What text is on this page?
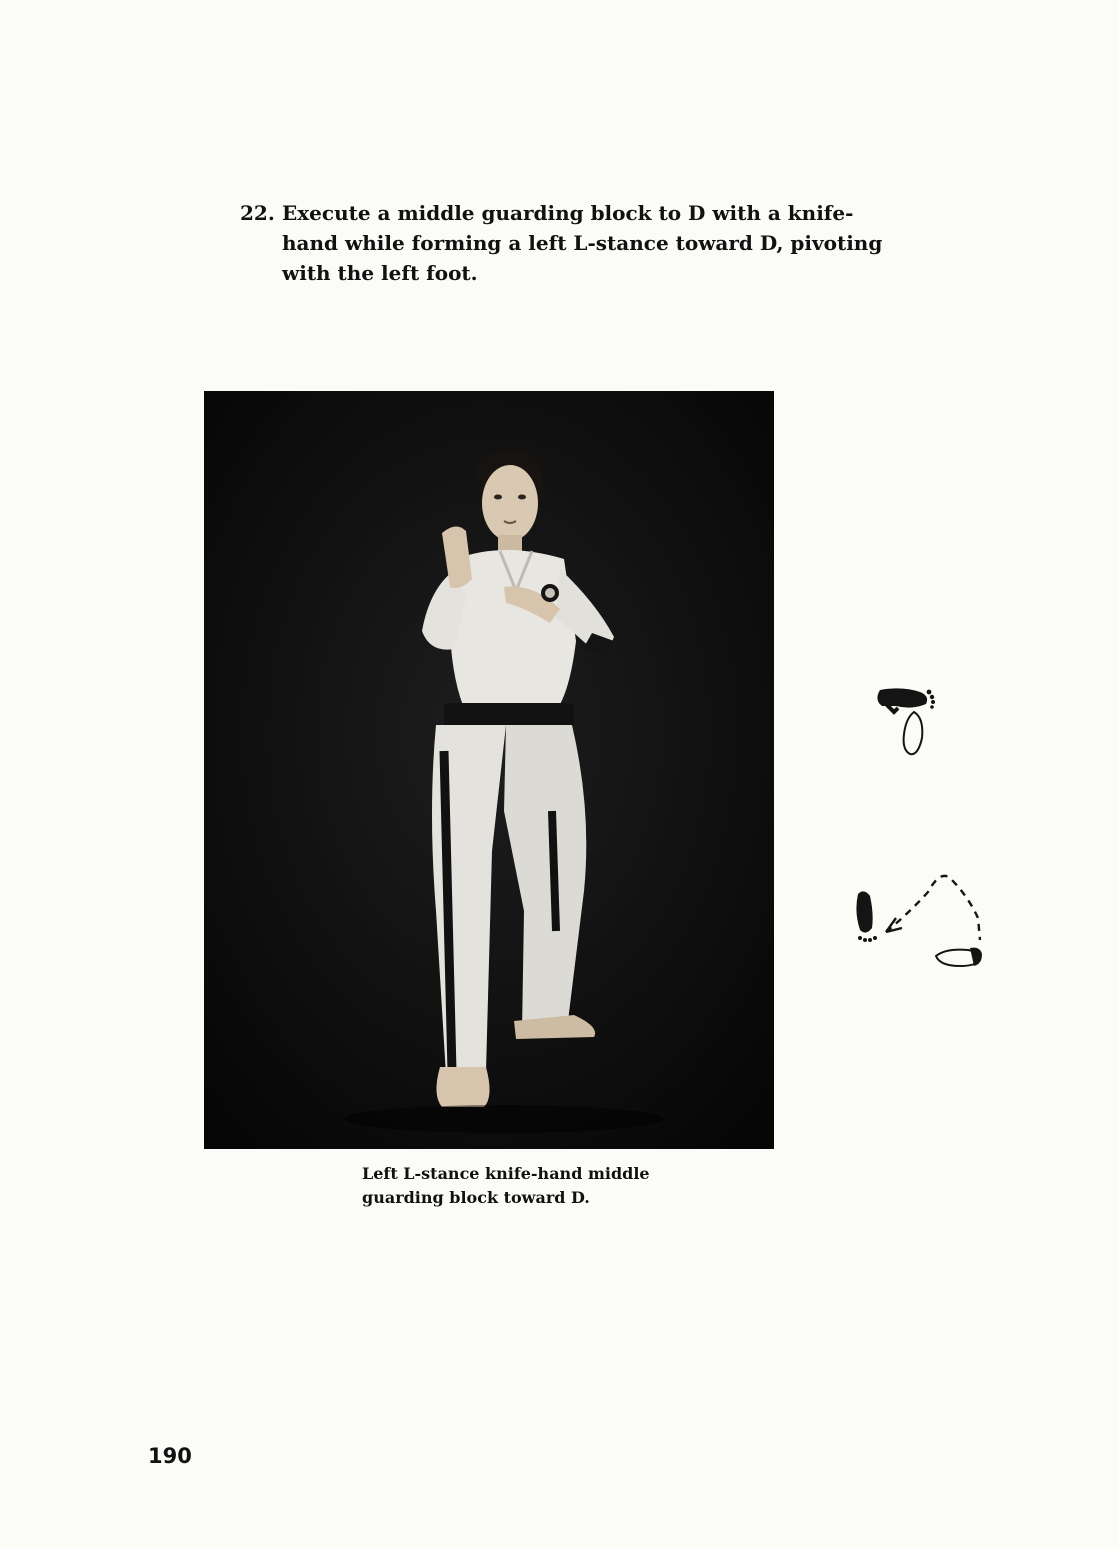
22. Execute a middle guarding block to D with a knife-
hand while forming a left L-stance toward D, pivoting
with the left foot.
Left L-stance knife-hand middle
guarding block toward D.
190
